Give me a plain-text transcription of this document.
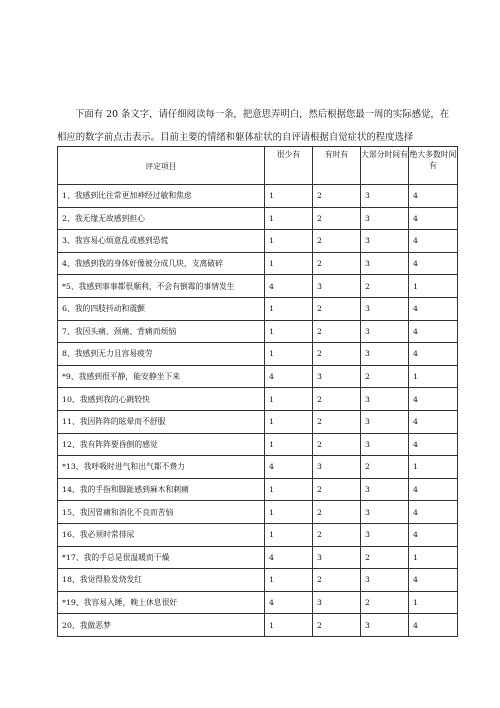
下面有 20 条文字，请仔细阅读每一条，把意思弄明白，然后根据您最一周的实际感觉，在相应的数字前点击表示。目前主要的情绪和躯体症状的自评请根据自觉症状的程度选择

评定项目	很少有	有时有	大部分时间有	绝大多数时间有
1、我感到比往常更加神经过敏和焦虑	1	2	3	4
2、我无缘无故感到担心	1	2	3	4
3、我容易心烦意乱或感到恐慌	1	2	3	4
4、我感到我的身体好像被分成几块，支离破碎	1	2	3	4
*5、我感到事事都很顺利，不会有倒霉的事情发生	4	3	2	1
6、我的四肢抖动和震颤	1	2	3	4
7、我因头痛、颈痛、背痛而烦恼	1	2	3	4
8、我感到无力且容易疲劳	1	2	3	4
*9、我感到很平静，能安静坐下来	4	3	2	1
10、我感到我的心跳较快	1	2	3	4
11、我因阵阵的眩晕而不舒服	1	2	3	4
12、我有阵阵要昏倒的感觉	1	2	3	4
*13、我呼吸时进气和出气都不费力	4	3	2	1
14、我的手指和脚趾感到麻木和刺痛	1	2	3	4
15、我因胃痛和消化不良而苦恼	1	2	3	4
16、我必须时常排尿	1	2	3	4
*17、我的手总是很温暖而干燥	4	3	2	1
18、我觉得脸发烧发红	1	2	3	4
*19、我容易入睡，晚上休息很好	4	3	2	1
20、我做恶梦	1	2	3	4
